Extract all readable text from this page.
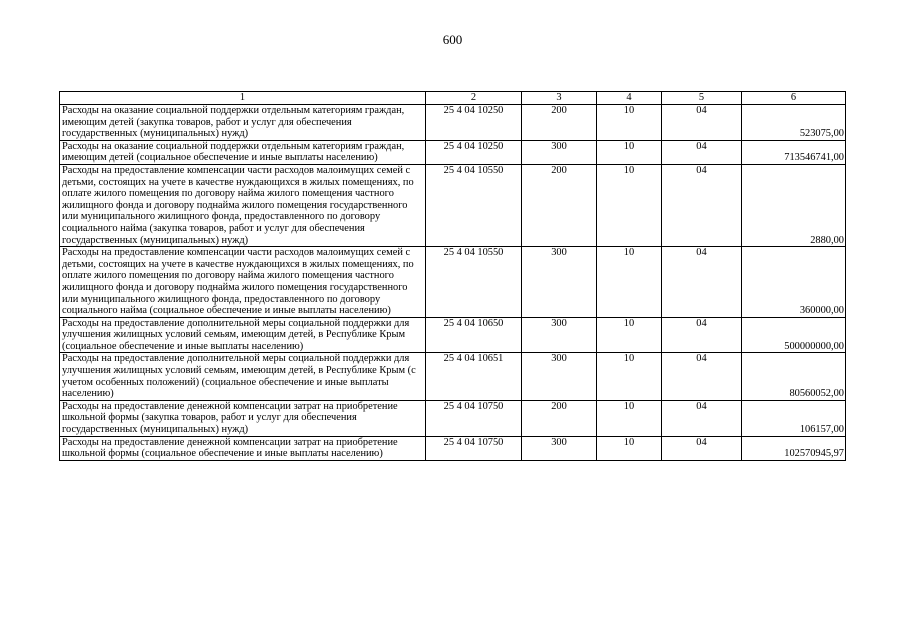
600
1	2	3	4	5	6
Расходы на оказание социальной поддержки отдельным категориям граждан, имеющим детей (закупка товаров, работ и услуг для обеспечения государственных (муниципальных) нужд)	25 4 04 10250	200	10	04	523075,00
Расходы на оказание социальной поддержки отдельным категориям граждан, имеющим детей (социальное обеспечение и иные выплаты населению)	25 4 04 10250	300	10	04	713546741,00
Расходы на предоставление компенсации части расходов малоимущих семей с детьми, состоящих на учете в качестве нуждающихся в жилых помещениях, по оплате жилого помещения по договору найма жилого помещения частного жилищного фонда и договору поднайма жилого помещения государственного или муниципального жилищного фонда, предоставленного по договору социального найма (закупка товаров, работ и услуг для обеспечения государственных (муниципальных) нужд)	25 4 04 10550	200	10	04	2880,00
Расходы на предоставление компенсации части расходов малоимущих семей с детьми, состоящих на учете в качестве нуждающихся в жилых помещениях, по оплате жилого помещения по договору найма жилого помещения частного жилищного фонда и договору поднайма жилого помещения государственного или муниципального жилищного фонда, предоставленного по договору социального найма (социальное обеспечение и иные выплаты населению)	25 4 04 10550	300	10	04	360000,00
Расходы на предоставление дополнительной меры социальной поддержки для улучшения жилищных условий семьям, имеющим детей, в Республике Крым (социальное обеспечение и иные выплаты населению)	25 4 04 10650	300	10	04	500000000,00
Расходы на предоставление дополнительной меры социальной поддержки для улучшения жилищных условий семьям, имеющим детей, в Республике Крым (с учетом особенных положений) (социальное обеспечение и иные выплаты населению)	25 4 04 10651	300	10	04	80560052,00
Расходы на предоставление денежной компенсации затрат на приобретение школьной формы (закупка товаров, работ и услуг для обеспечения государственных (муниципальных) нужд)	25 4 04 10750	200	10	04	106157,00
Расходы на предоставление денежной компенсации затрат на приобретение школьной формы (социальное обеспечение и иные выплаты населению)	25 4 04 10750	300	10	04	102570945,97
